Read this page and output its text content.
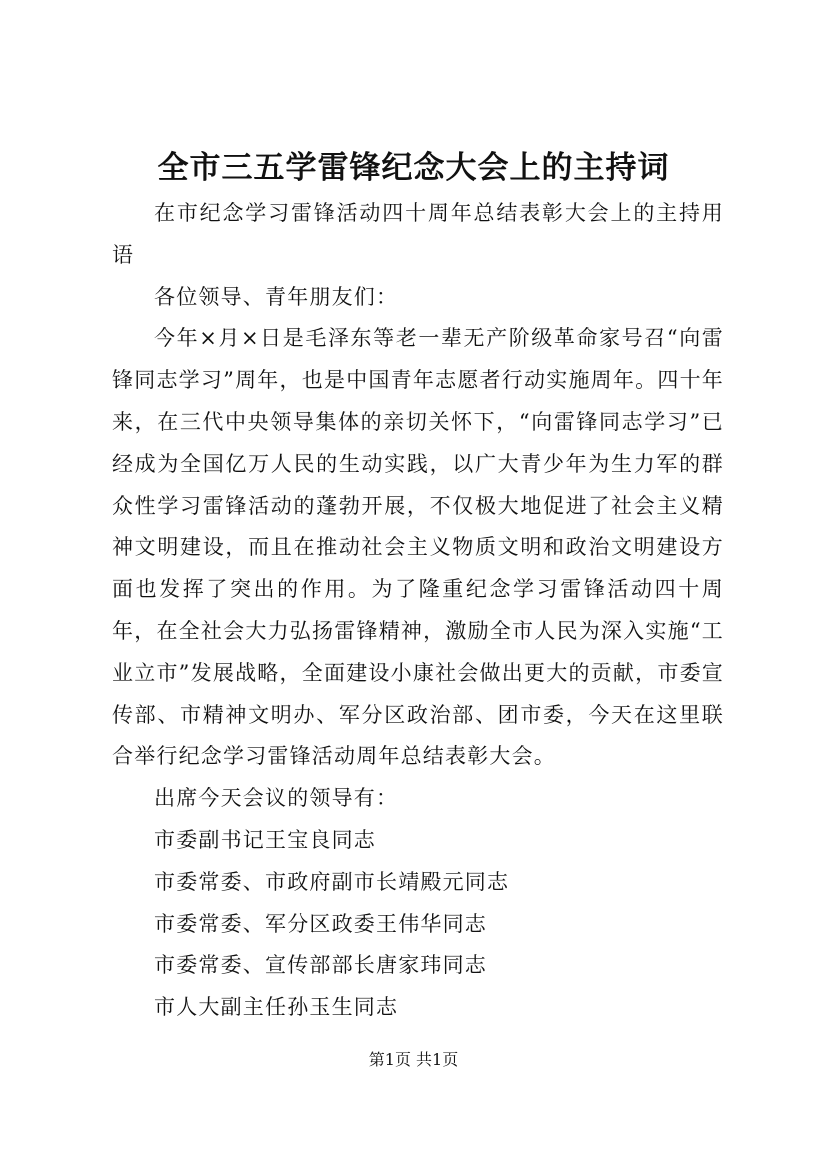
全市三五学雷锋纪念大会上的主持词

在市纪念学习雷锋活动四十周年总结表彰大会上的主持用语

各位领导、青年朋友们：

今年×月×日是毛泽东等老一辈无产阶级革命家号召“向雷锋同志学习”周年，也是中国青年志愿者行动实施周年。四十年来，在三代中央领导集体的亲切关怀下，“向雷锋同志学习”已经成为全国亿万人民的生动实践，以广大青少年为生力军的群众性学习雷锋活动的蓬勃开展，不仅极大地促进了社会主义精神文明建设，而且在推动社会主义物质文明和政治文明建设方面也发挥了突出的作用。为了隆重纪念学习雷锋活动四十周年，在全社会大力弘扬雷锋精神，激励全市人民为深入实施“工业立市”发展战略，全面建设小康社会做出更大的贡献，市委宣传部、市精神文明办、军分区政治部、团市委，今天在这里联合举行纪念学习雷锋活动周年总结表彰大会。

出席今天会议的领导有：

市委副书记王宝良同志

市委常委、市政府副市长靖殿元同志

市委常委、军分区政委王伟华同志

市委常委、宣传部部长唐家玮同志

市人大副主任孙玉生同志

第1页 共1页
